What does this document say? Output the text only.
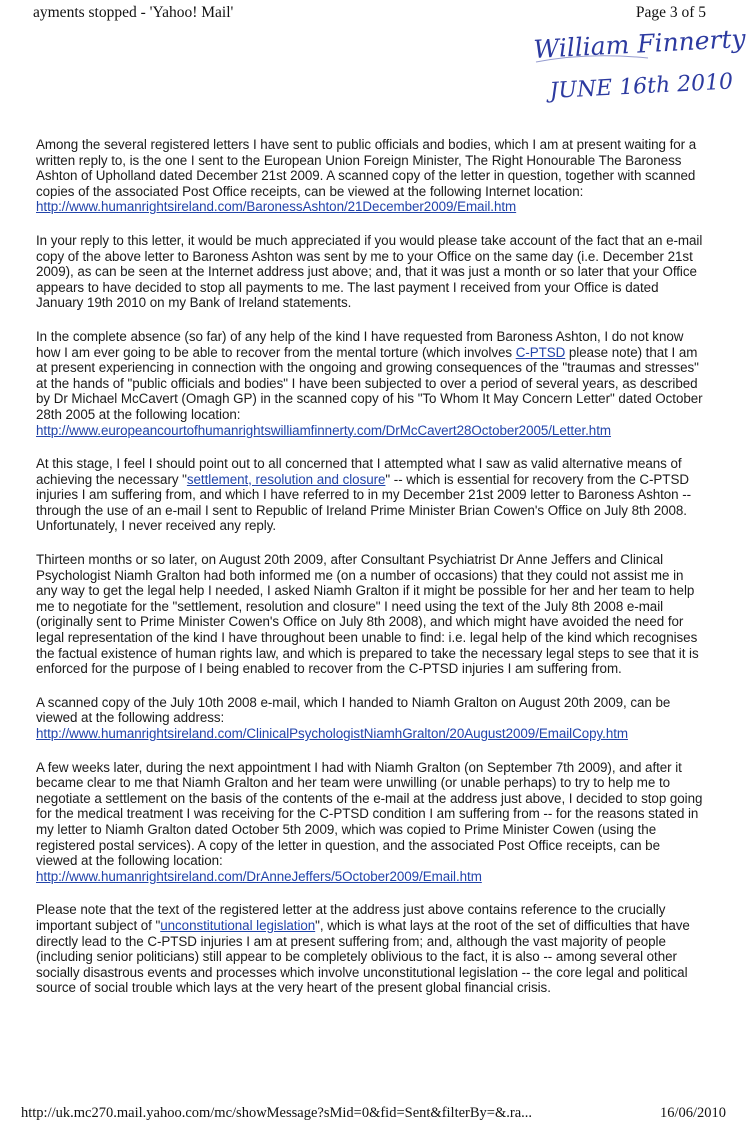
ayments stopped - 'Yahoo! Mail'	Page 3 of 5
William Finnerty
JUNE 16th 2010

Among the several registered letters I have sent to public officials and bodies, which I am at present waiting for a written reply to, is the one I sent to the European Union Foreign Minister, The Right Honourable The Baroness Ashton of Upholland dated December 21st 2009. A scanned copy of the letter in question, together with scanned copies of the associated Post Office receipts, can be viewed at the following Internet location:
http://www.humanrightsireland.com/BaronessAshton/21December2009/Email.htm

In your reply to this letter, it would be much appreciated if you would please take account of the fact that an e-mail copy of the above letter to Baroness Ashton was sent by me to your Office on the same day (i.e. December 21st 2009), as can be seen at the Internet address just above; and, that it was just a month or so later that your Office appears to have decided to stop all payments to me. The last payment I received from your Office is dated January 19th 2010 on my Bank of Ireland statements.

In the complete absence (so far) of any help of the kind I have requested from Baroness Ashton, I do not know how I am ever going to be able to recover from the mental torture (which involves C-PTSD please note) that I am at present experiencing in connection with the ongoing and growing consequences of the "traumas and stresses" at the hands of "public officials and bodies" I have been subjected to over a period of several years, as described by Dr Michael McCavert (Omagh GP) in the scanned copy of his "To Whom It May Concern Letter" dated October 28th 2005 at the following location:
http://www.europeancourtofhumanrightswilliamfinnerty.com/DrMcCavert28October2005/Letter.htm

At this stage, I feel I should point out to all concerned that I attempted what I saw as valid alternative means of achieving the necessary "settlement, resolution and closure" -- which is essential for recovery from the C-PTSD injuries I am suffering from, and which I have referred to in my December 21st 2009 letter to Baroness Ashton -- through the use of an e-mail I sent to Republic of Ireland Prime Minister Brian Cowen's Office on July 8th 2008. Unfortunately, I never received any reply.

Thirteen months or so later, on August 20th 2009, after Consultant Psychiatrist Dr Anne Jeffers and Clinical Psychologist Niamh Gralton had both informed me (on a number of occasions) that they could not assist me in any way to get the legal help I needed, I asked Niamh Gralton if it might be possible for her and her team to help me to negotiate for the "settlement, resolution and closure" I need using the text of the July 8th 2008 e-mail (originally sent to Prime Minister Cowen's Office on July 8th 2008), and which might have avoided the need for legal representation of the kind I have throughout been unable to find: i.e. legal help of the kind which recognises the factual existence of human rights law, and which is prepared to take the necessary legal steps to see that it is enforced for the purpose of I being enabled to recover from the C-PTSD injuries I am suffering from.

A scanned copy of the July 10th 2008 e-mail, which I handed to Niamh Gralton on August 20th 2009, can be viewed at the following address:
http://www.humanrightsireland.com/ClinicalPsychologistNiamhGralton/20August2009/EmailCopy.htm

A few weeks later, during the next appointment I had with Niamh Gralton (on September 7th 2009), and after it became clear to me that Niamh Gralton and her team were unwilling (or unable perhaps) to try to help me to negotiate a settlement on the basis of the contents of the e-mail at the address just above, I decided to stop going for the medical treatment I was receiving for the C-PTSD condition I am suffering from -- for the reasons stated in my letter to Niamh Gralton dated October 5th 2009, which was copied to Prime Minister Cowen (using the registered postal services). A copy of the letter in question, and the associated Post Office receipts, can be viewed at the following location:
http://www.humanrightsireland.com/DrAnneJeffers/5October2009/Email.htm

Please note that the text of the registered letter at the address just above contains reference to the crucially important subject of "unconstitutional legislation", which is what lays at the root of the set of difficulties that have directly lead to the C-PTSD injuries I am at present suffering from; and, although the vast majority of people (including senior politicians) still appear to be completely oblivious to the fact, it is also -- among several other socially disastrous events and processes which involve unconstitutional legislation -- the core legal and political source of social trouble which lays at the very heart of the present global financial crisis.

http://uk.mc270.mail.yahoo.com/mc/showMessage?sMid=0&fid=Sent&filterBy=&.ra...	16/06/2010
